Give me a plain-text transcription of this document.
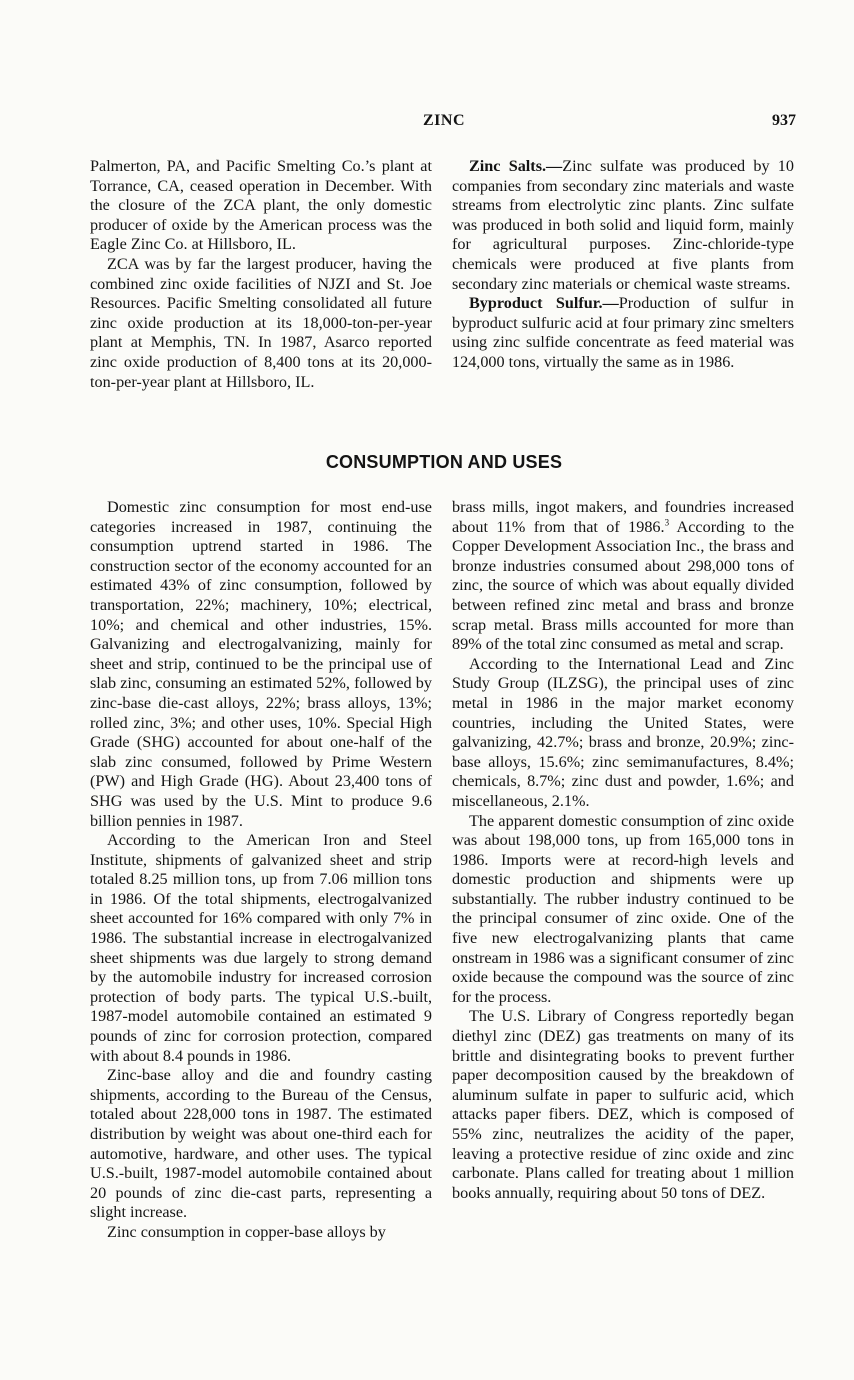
ZINC	937

Palmerton, PA, and Pacific Smelting Co.’s plant at Torrance, CA, ceased operation in December. With the closure of the ZCA plant, the only domestic producer of oxide by the American process was the Eagle Zinc Co. at Hillsboro, IL.

ZCA was by far the largest producer, having the combined zinc oxide facilities of NJZI and St. Joe Resources. Pacific Smelting consolidated all future zinc oxide production at its 18,000-ton-per-year plant at Memphis, TN. In 1987, Asarco reported zinc oxide production of 8,400 tons at its 20,000-ton-per-year plant at Hillsboro, IL.

Zinc Salts.—Zinc sulfate was produced by 10 companies from secondary zinc materials and waste streams from electrolytic zinc plants. Zinc sulfate was produced in both solid and liquid form, mainly for agricultural purposes. Zinc-chloride-type chemicals were produced at five plants from secondary zinc materials or chemical waste streams.

Byproduct Sulfur.—Production of sulfur in byproduct sulfuric acid at four primary zinc smelters using zinc sulfide concentrate as feed material was 124,000 tons, virtually the same as in 1986.

CONSUMPTION AND USES

Domestic zinc consumption for most end-use categories increased in 1987, continuing the consumption uptrend started in 1986. The construction sector of the economy accounted for an estimated 43% of zinc consumption, followed by transportation, 22%; machinery, 10%; electrical, 10%; and chemical and other industries, 15%. Galvanizing and electrogalvanizing, mainly for sheet and strip, continued to be the principal use of slab zinc, consuming an estimated 52%, followed by zinc-base die-cast alloys, 22%; brass alloys, 13%; rolled zinc, 3%; and other uses, 10%. Special High Grade (SHG) accounted for about one-half of the slab zinc consumed, followed by Prime Western (PW) and High Grade (HG). About 23,400 tons of SHG was used by the U.S. Mint to produce 9.6 billion pennies in 1987.

According to the American Iron and Steel Institute, shipments of galvanized sheet and strip totaled 8.25 million tons, up from 7.06 million tons in 1986. Of the total shipments, electrogalvanized sheet accounted for 16% compared with only 7% in 1986. The substantial increase in electrogalvanized sheet shipments was due largely to strong demand by the automobile industry for increased corrosion protection of body parts. The typical U.S.-built, 1987-model automobile contained an estimated 9 pounds of zinc for corrosion protection, compared with about 8.4 pounds in 1986.

Zinc-base alloy and die and foundry casting shipments, according to the Bureau of the Census, totaled about 228,000 tons in 1987. The estimated distribution by weight was about one-third each for automotive, hardware, and other uses. The typical U.S.-built, 1987-model automobile contained about 20 pounds of zinc die-cast parts, representing a slight increase.

Zinc consumption in copper-base alloys by

brass mills, ingot makers, and foundries increased about 11% from that of 1986.$^3$ According to the Copper Development Association Inc., the brass and bronze industries consumed about 298,000 tons of zinc, the source of which was about equally divided between refined zinc metal and brass and bronze scrap metal. Brass mills accounted for more than 89% of the total zinc consumed as metal and scrap.

According to the International Lead and Zinc Study Group (ILZSG), the principal uses of zinc metal in 1986 in the major market economy countries, including the United States, were galvanizing, 42.7%; brass and bronze, 20.9%; zinc-base alloys, 15.6%; zinc semimanufactures, 8.4%; chemicals, 8.7%; zinc dust and powder, 1.6%; and miscellaneous, 2.1%.

The apparent domestic consumption of zinc oxide was about 198,000 tons, up from 165,000 tons in 1986. Imports were at record-high levels and domestic production and shipments were up substantially. The rubber industry continued to be the principal consumer of zinc oxide. One of the five new electrogalvanizing plants that came onstream in 1986 was a significant consumer of zinc oxide because the compound was the source of zinc for the process.

The U.S. Library of Congress reportedly began diethyl zinc (DEZ) gas treatments on many of its brittle and disintegrating books to prevent further paper decomposition caused by the breakdown of aluminum sulfate in paper to sulfuric acid, which attacks paper fibers. DEZ, which is composed of 55% zinc, neutralizes the acidity of the paper, leaving a protective residue of zinc oxide and zinc carbonate. Plans called for treating about 1 million books annually, requiring about 50 tons of DEZ.
